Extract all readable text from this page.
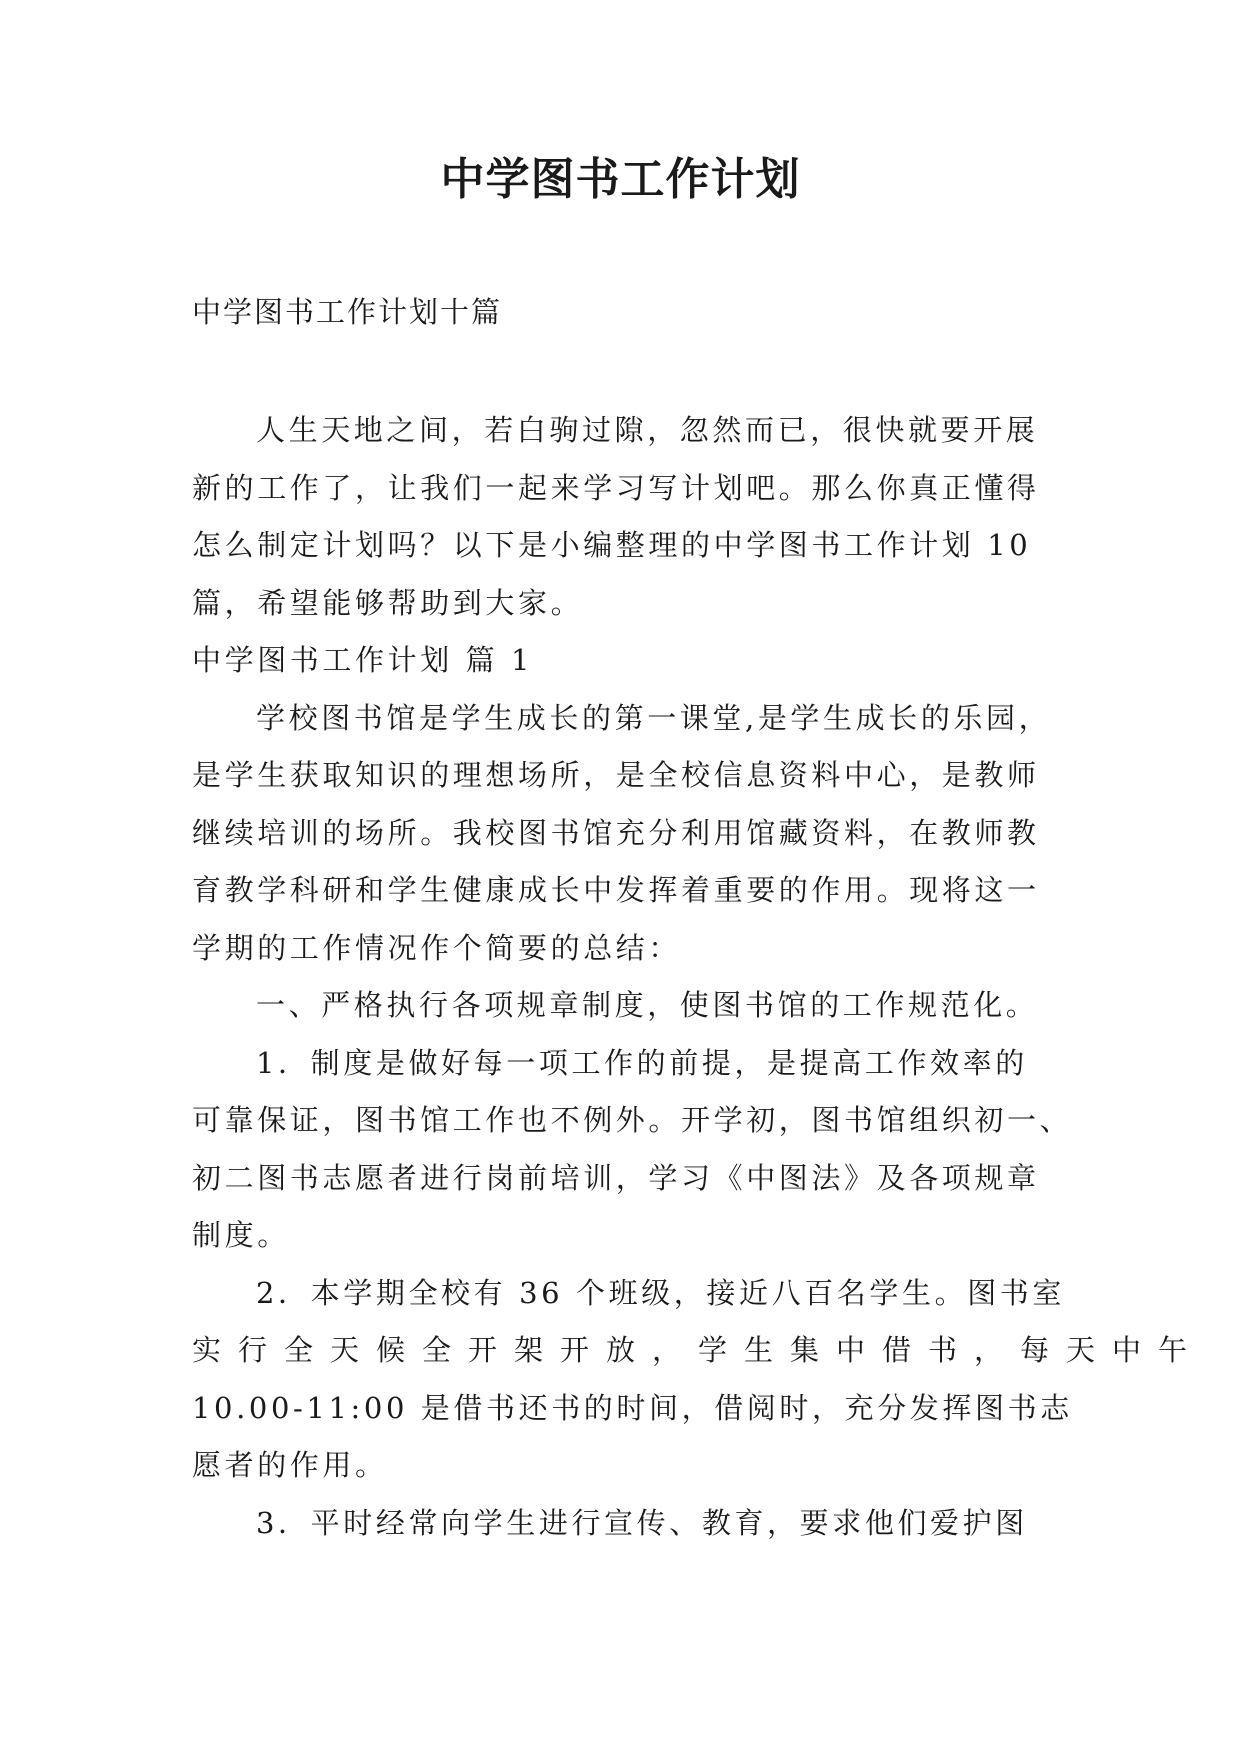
中学图书工作计划
中学图书工作计划十篇
人生天地之间，若白驹过隙，忽然而已，很快就要开展
新的工作了，让我们一起来学习写计划吧。那么你真正懂得
怎么制定计划吗？以下是小编整理的中学图书工作计划 10
篇，希望能够帮助到大家。
中学图书工作计划 篇 1
学校图书馆是学生成长的第一课堂,是学生成长的乐园，
是学生获取知识的理想场所，是全校信息资料中心，是教师
继续培训的场所。我校图书馆充分利用馆藏资料，在教师教
育教学科研和学生健康成长中发挥着重要的作用。现将这一
学期的工作情况作个简要的总结：
一、严格执行各项规章制度，使图书馆的工作规范化。
1．制度是做好每一项工作的前提，是提高工作效率的
可靠保证，图书馆工作也不例外。开学初，图书馆组织初一、
初二图书志愿者进行岗前培训，学习《中图法》及各项规章
制度。
2．本学期全校有 36 个班级，接近八百名学生。图书室
实行全天候全开架开放，学生集中借书，每天中午
10.00-11:00 是借书还书的时间，借阅时，充分发挥图书志
愿者的作用。
3．平时经常向学生进行宣传、教育，要求他们爱护图
